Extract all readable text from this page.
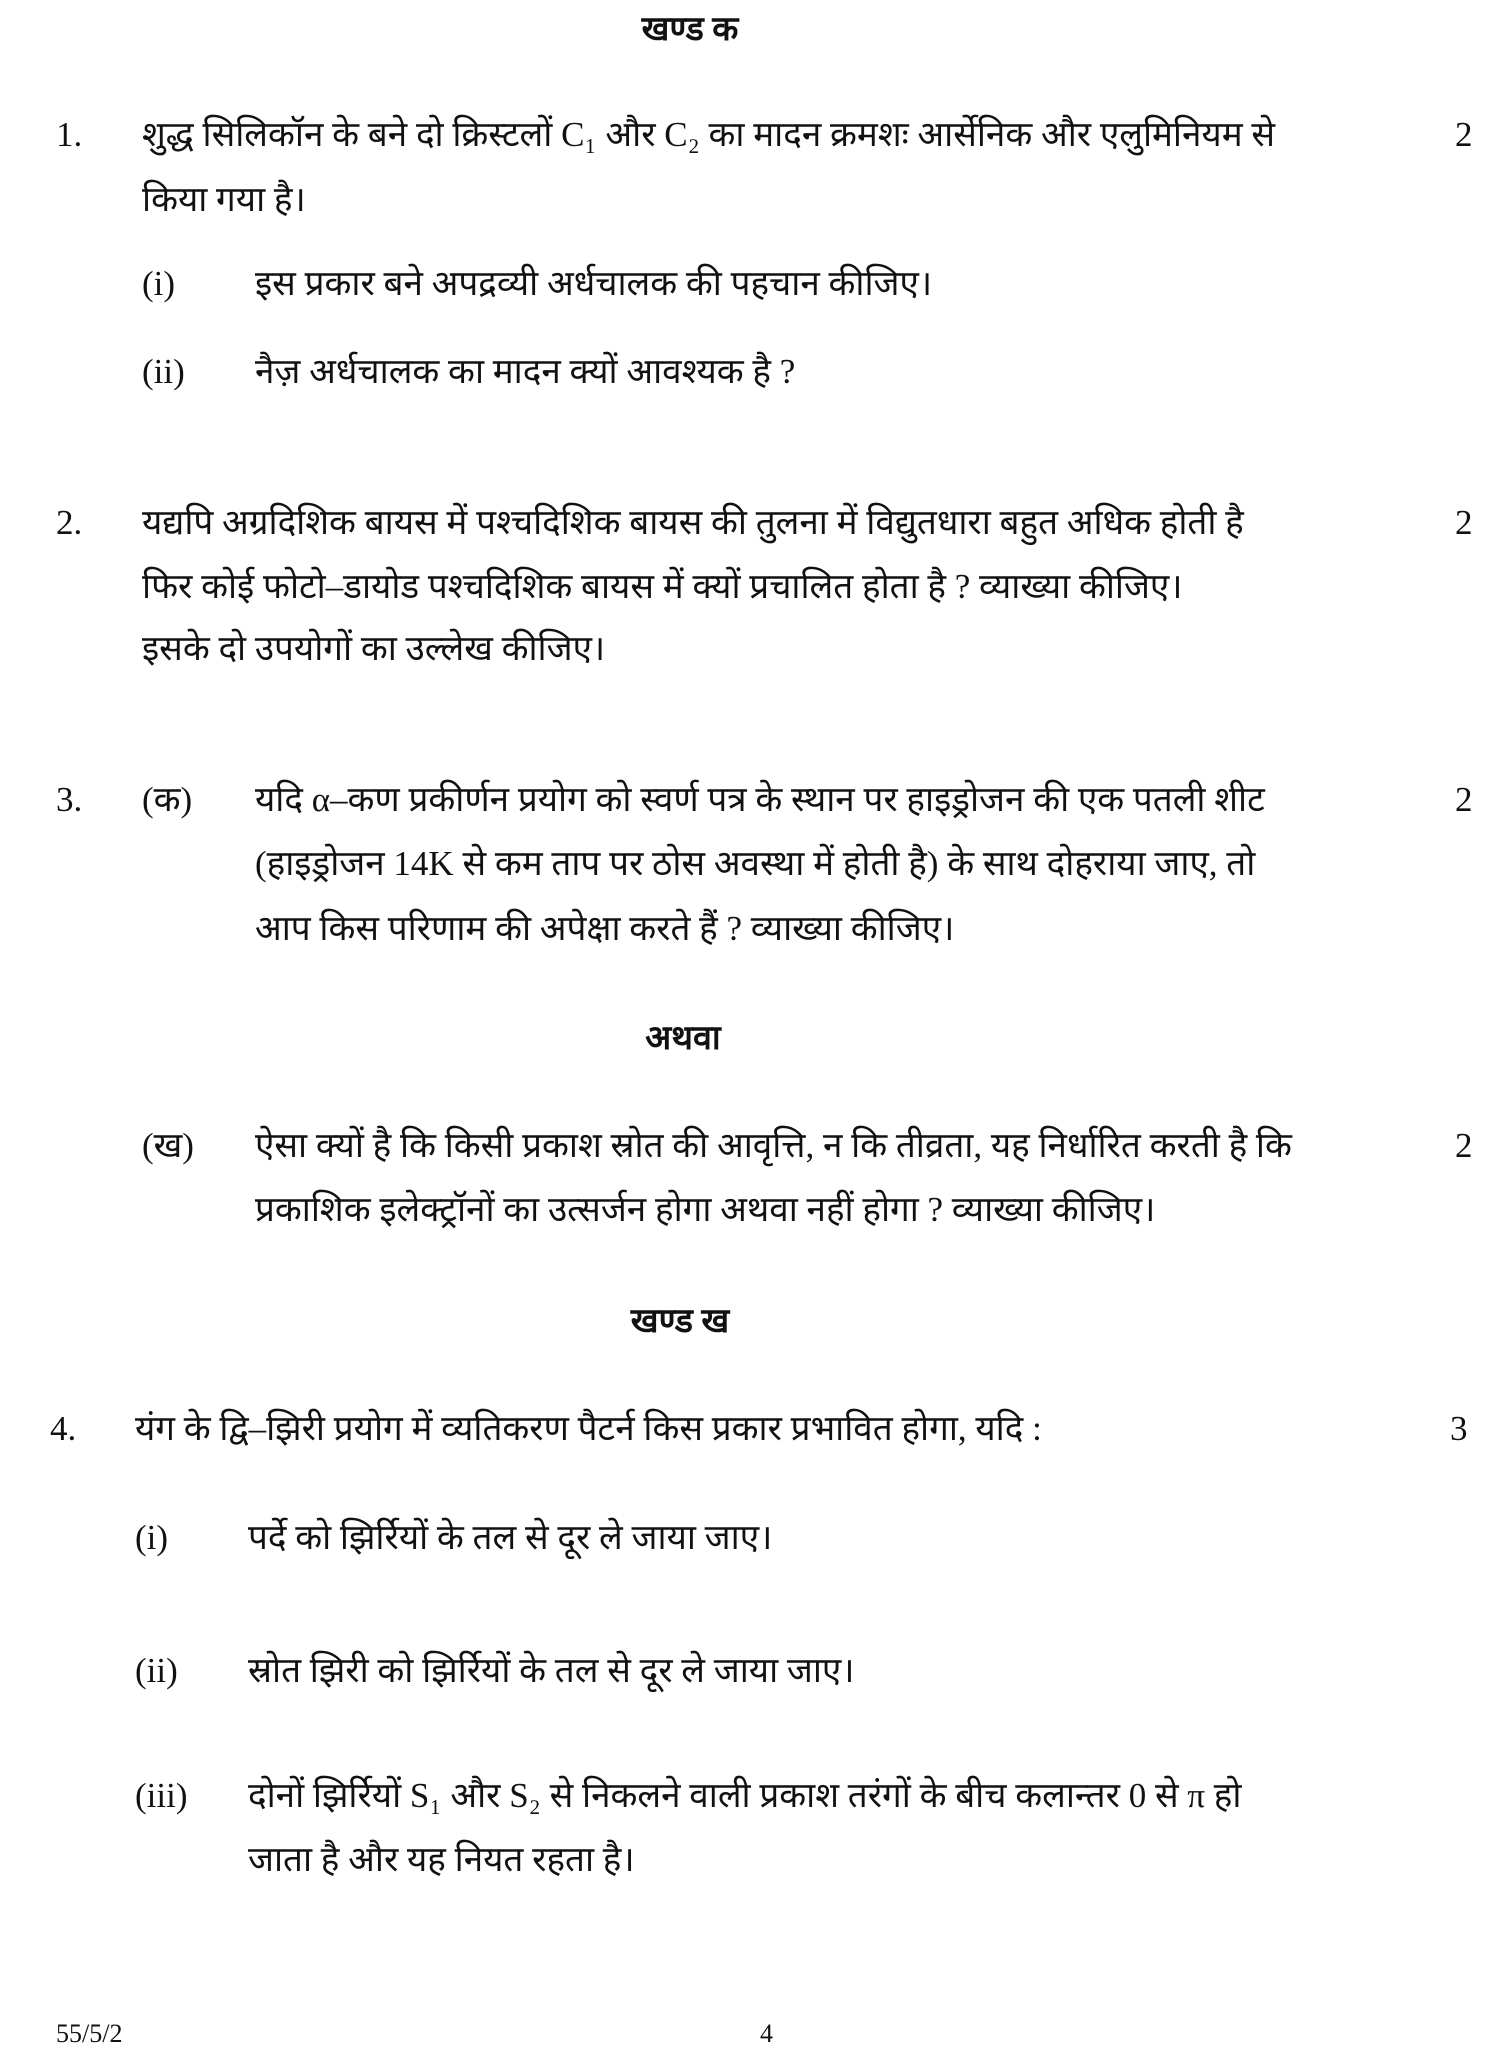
खण्ड क
1. शुद्ध सिलिकॉन के बने दो क्रिस्टलों C₁ और C₂ का मादन क्रमशः आर्सेनिक और एलुमिनियम से
किया गया है।
2
(i) इस प्रकार बने अपद्रव्यी अर्धचालक की पहचान कीजिए।
(ii) नैज़ अर्धचालक का मादन क्यों आवश्यक है ?
2. यद्यपि अग्रदिशिक बायस में पश्चदिशिक बायस की तुलना में विद्युतधारा बहुत अधिक होती है
फिर कोई फोटो–डायोड पश्चदिशिक बायस में क्यों प्रचालित होता है ? व्याख्या कीजिए।
इसके दो उपयोगों का उल्लेख कीजिए।
2
3. (क) यदि α–कण प्रकीर्णन प्रयोग को स्वर्ण पत्र के स्थान पर हाइड्रोजन की एक पतली शीट
(हाइड्रोजन 14K से कम ताप पर ठोस अवस्था में होती है) के साथ दोहराया जाए, तो
आप किस परिणाम की अपेक्षा करते हैं ? व्याख्या कीजिए।
2
अथवा
(ख) ऐसा क्यों है कि किसी प्रकाश स्रोत की आवृत्ति, न कि तीव्रता, यह निर्धारित करती है कि
प्रकाशिक इलेक्ट्रॉनों का उत्सर्जन होगा अथवा नहीं होगा ? व्याख्या कीजिए।
2
खण्ड ख
4. यंग के द्वि–झिरी प्रयोग में व्यतिकरण पैटर्न किस प्रकार प्रभावित होगा, यदि :	3
(i) पर्दे को झिर्रियों के तल से दूर ले जाया जाए।
(ii) स्रोत झिरी को झिर्रियों के तल से दूर ले जाया जाए।
(iii) दोनों झिर्रियों S₁ और S₂ से निकलने वाली प्रकाश तरंगों के बीच कलान्तर 0 से π हो
जाता है और यह नियत रहता है।
55/5/2	4
